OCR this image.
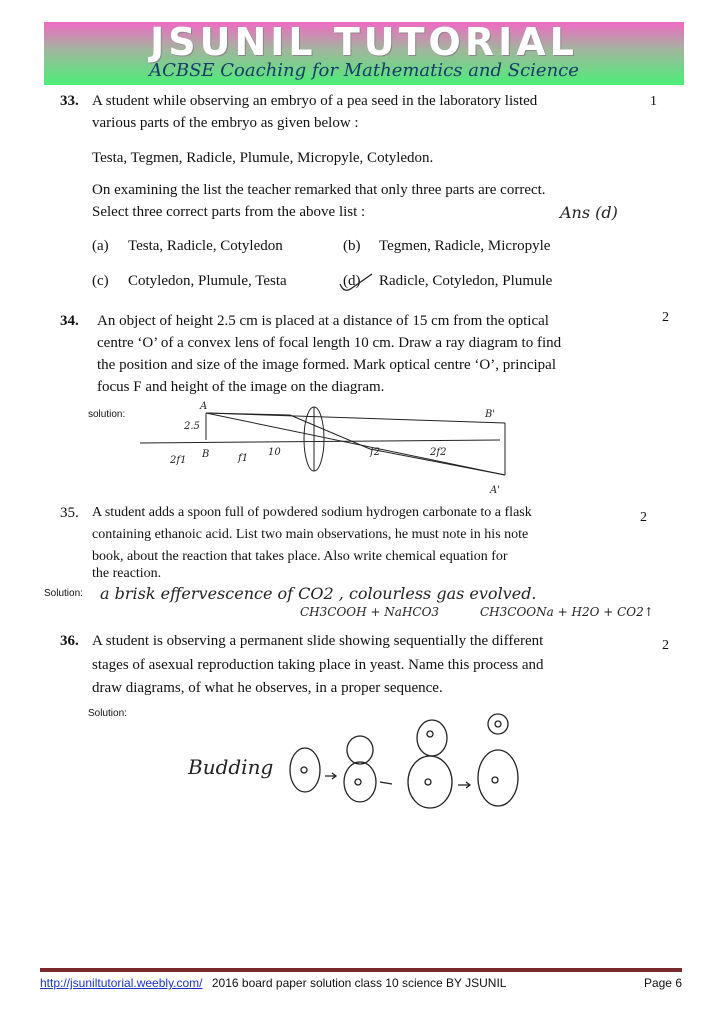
JSUNIL TUTORIAL
ACBSE Coaching for Mathematics and Science
33.	1
A student while observing an embryo of a pea seed in the laboratory listed
various parts of the embryo as given below :
Testa, Tegmen, Radicle, Plumule, Micropyle, Cotyledon.
On examining the list the teacher remarked that only three parts are correct.
Select three correct parts from the above list :	Ans (d)
(a) Testa, Radicle, Cotyledon	(b) Tegmen, Radicle, Micropyle
(c) Cotyledon, Plumule, Testa	(d) Radicle, Cotyledon, Plumule
34.	2
An object of height 2.5 cm is placed at a distance of 15 cm from the optical
centre ‘O’ of a convex lens of focal length 10 cm. Draw a ray diagram to find
the position and size of the image formed. Mark optical centre ‘O’, principal
focus F and height of the image on the diagram.
solution:
A
2.5
B
2f1	f1
10	f2	2f2
B'
A'
35.	2
A student adds a spoon full of powdered sodium hydrogen carbonate to a flask
containing ethanoic acid. List two main observations, he must note in his note
book, about the reaction that takes place. Also write chemical equation for
the reaction.
Solution: a brisk effervescence of CO2 , colourless gas evolved.
CH3COOH + NaHCO3	CH3COONa + H2O + CO2↑
36.	2
A student is observing a permanent slide showing sequentially the different
stages of asexual reproduction taking place in yeast. Name this process and
draw diagrams, of what he observes, in a proper sequence.
Solution:
Budding
http://jsuniltutorial.weebly.com/ 2016 board paper solution class 10 science BY JSUNIL	Page 6
